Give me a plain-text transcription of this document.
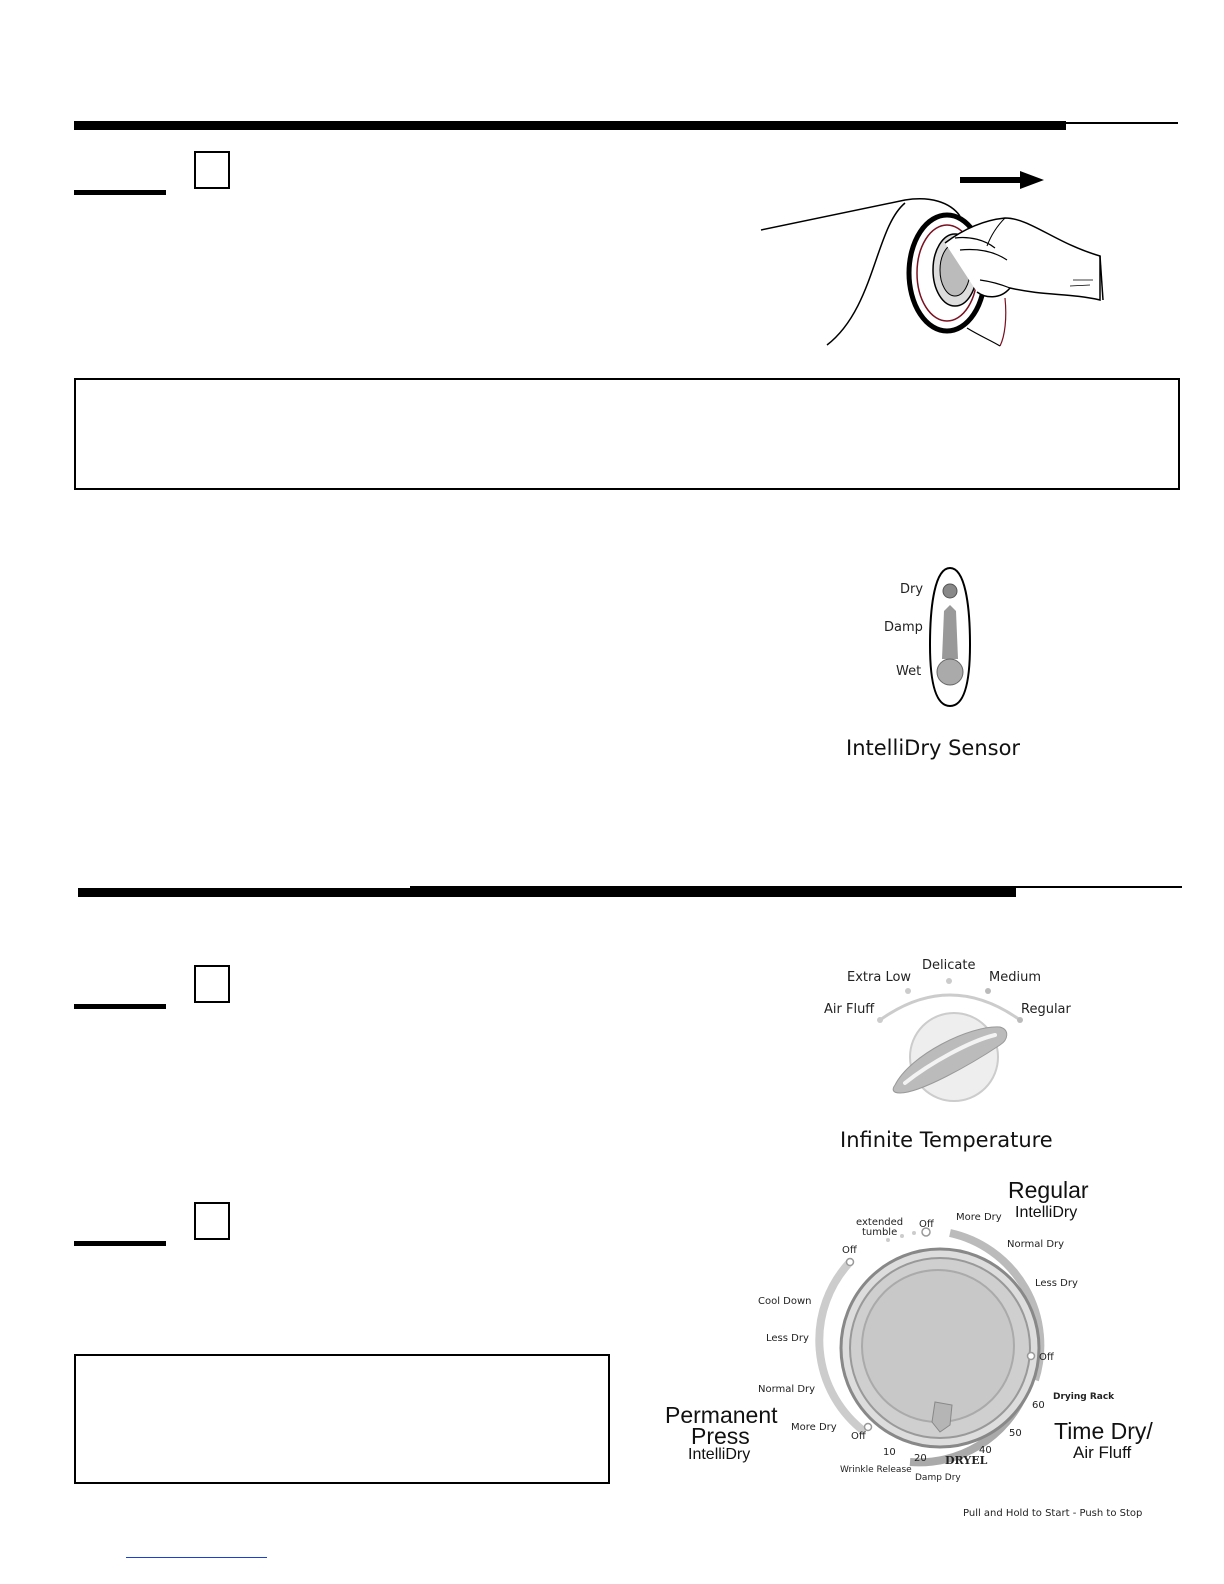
Dry
Damp
Wet
IntelliDry Sensor
Air Fluff
Extra Low
Delicate
Medium
Regular
Infinite Temperature
Regular
IntelliDry
More Dry
Normal Dry
Less Dry
Off
Off
extended
tumble
Off
Cool Down
Less Dry
Normal Dry
More Dry
Permanent
Press
IntelliDry
Off
10
20
40
50
60
Wrinkle Release
Damp Dry
DRYEL
Drying Rack
Time Dry/
Air Fluff
Pull and Hold to Start - Push to Stop
